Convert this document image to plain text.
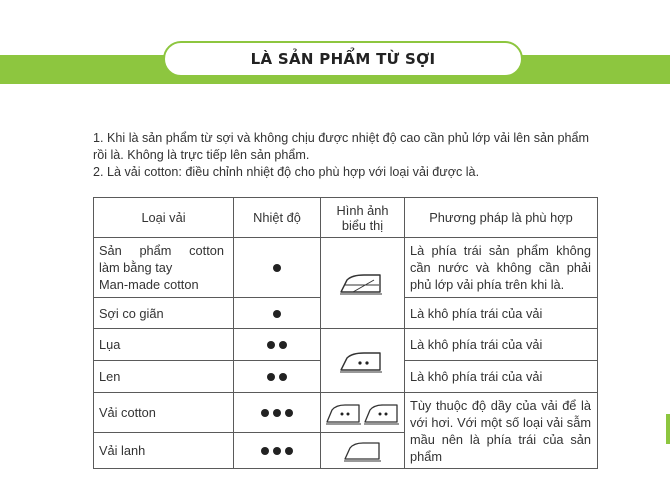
LÀ SẢN PHẨM TỪ SỢI

1. Khi là sản phẩm từ sợi và không chịu được nhiệt độ cao cần phủ lớp vải lên sản phẩm

rồi là. Không là trực tiếp lên sản phẩm.

2. Là vải cotton: điều chỉnh nhiệt độ cho phù hợp với loại vải được là.

Loại vải	Nhiệt độ	Hình ảnh
biểu thị	Phương pháp là phù hợp

Sản phẩm cotton
làm bằng tay
Man-made cotton			Là phía trái sản phẩm không cần nước và không cần phải phủ lớp vải phía trên khi là.
Sợi co giãn			Là khô phía trái của vải
Lụa			Là khô phía trái của vải
Len			Là khô phía trái của vải
Vải cotton			Tùy thuộc độ dầy của vải để là với hơi. Với một số loại vải sẫm mầu nên là phía trái của sản phẩm
Vải lanh		
